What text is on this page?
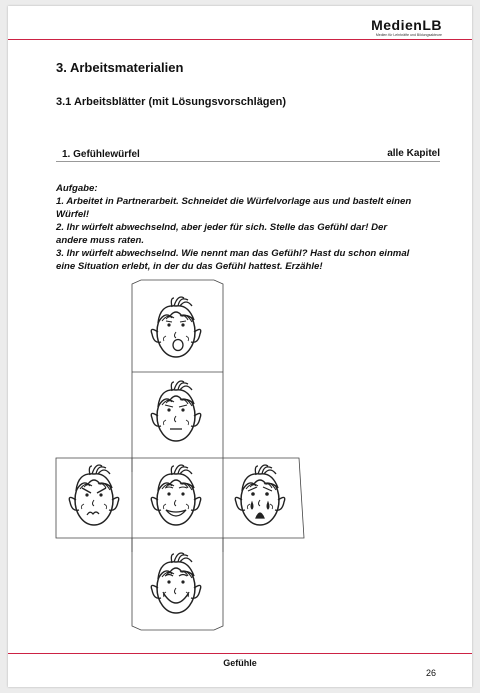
MedienLB
Medien für Lehrkräfte und Bildungsakteure
3. Arbeitsmaterialien
3.1 Arbeitsblätter (mit Lösungsvorschlägen)
1. Gefühlewürfel	alle Kapitel
Aufgabe:
1. Arbeitet in Partnerarbeit. Schneidet die Würfelvorlage aus und bastelt einen
Würfel!
2. Ihr würfelt abwechselnd, aber jeder für sich. Stelle das Gefühl dar! Der
andere muss raten.
3. Ihr würfelt abwechselnd. Wie nennt man das Gefühl? Hast du schon einmal
eine Situation erlebt, in der du das Gefühl hattest. Erzähle!
Gefühle
26
